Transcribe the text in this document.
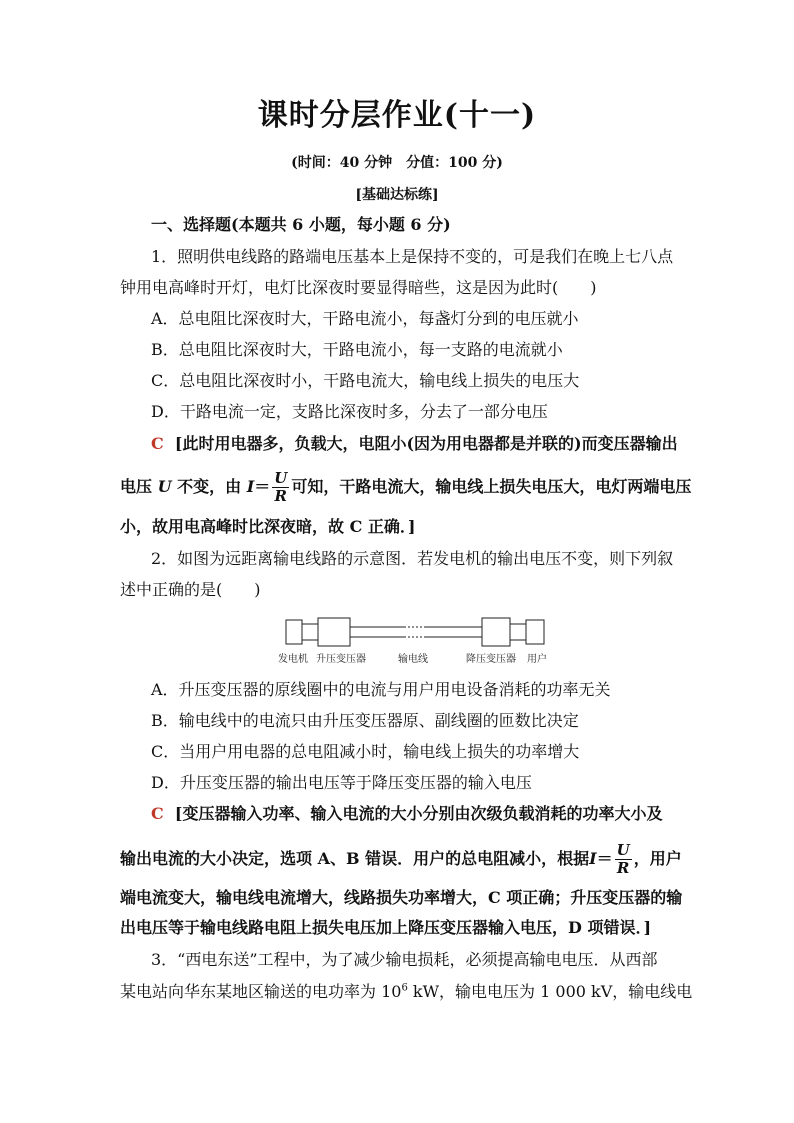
课时分层作业(十一)
(时间：40 分钟　分值：100 分)
[基础达标练]
一、选择题(本题共 6 小题，每小题 6 分)
1．照明供电线路的路端电压基本上是保持不变的，可是我们在晚上七八点
钟用电高峰时开灯，电灯比深夜时要显得暗些，这是因为此时(　　)
A．总电阻比深夜时大，干路电流小，每盏灯分到的电压就小
B．总电阻比深夜时大，干路电流小，每一支路的电流就小
C．总电阻比深夜时小，干路电流大，输电线上损失的电压大
D．干路电流一定，支路比深夜时多，分去了一部分电压
C [此时用电器多，负载大，电阻小(因为用电器都是并联的)而变压器输出
电压 U 不变，由 $I= \frac{U}{R}$ 可知，干路电流大，输电线上损失电压大，电灯两端电压
小，故用电高峰时比深夜暗，故 C 正确．]
2．如图为远距离输电线路的示意图．若发电机的输出电压不变，则下列叙
述中正确的是(　　)
发电机 升压变压器	输电线	降压变压器 用户
A．升压变压器的原线圈中的电流与用户用电设备消耗的功率无关
B．输电线中的电流只由升压变压器原、副线圈的匝数比决定
C．当用户用电器的总电阻减小时，输电线上损失的功率增大
D．升压变压器的输出电压等于降压变压器的输入电压
C [变压器输入功率、输入电流的大小分别由次级负载消耗的功率大小及
输出电流的大小决定，选项 A、B 错误．用户的总电阻减小，根据$I= \frac{U}{R}$ ，用户
端电流变大，输电线电流增大，线路损失功率增大，C 项正确；升压变压器的输
出电压等于输电线路电阻上损失电压加上降压变压器输入电压，D 项错误．]
3．“西电东送”工程中，为了减少输电损耗，必须提高输电电压．从西部
某电站向华东某地区输送的电功率为 $10^6$ kW，输电电压为 1 000 kV，输电线电
